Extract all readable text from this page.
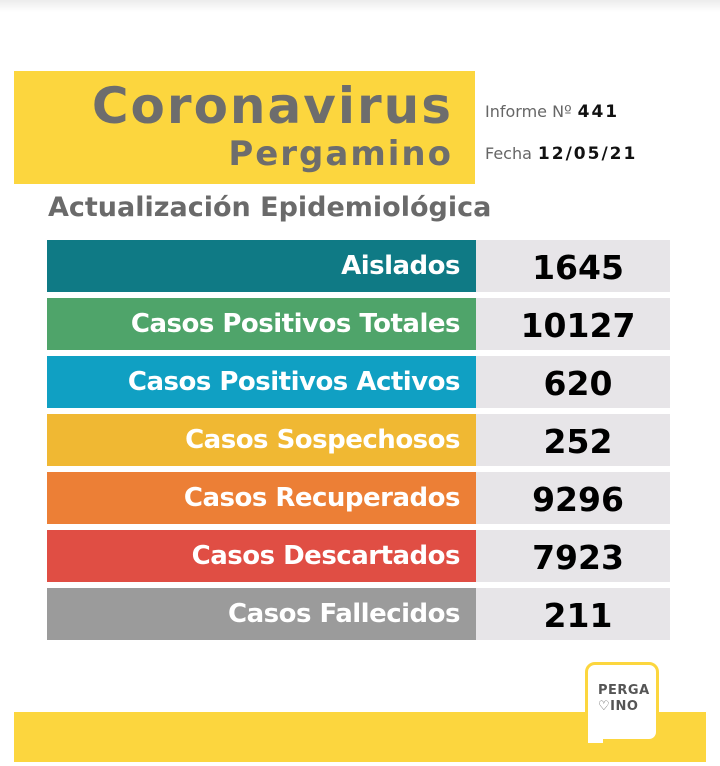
Coronavirus
Pergamino
Informe Nº 441
Fecha 12/05/21
Actualización Epidemiológica
Aislados	1645
Casos Positivos Totales	10127
Casos Positivos Activos	620
Casos Sospechosos	252
Casos Recuperados	9296
Casos Descartados	7923
Casos Fallecidos	211
PERGA
♡INO
